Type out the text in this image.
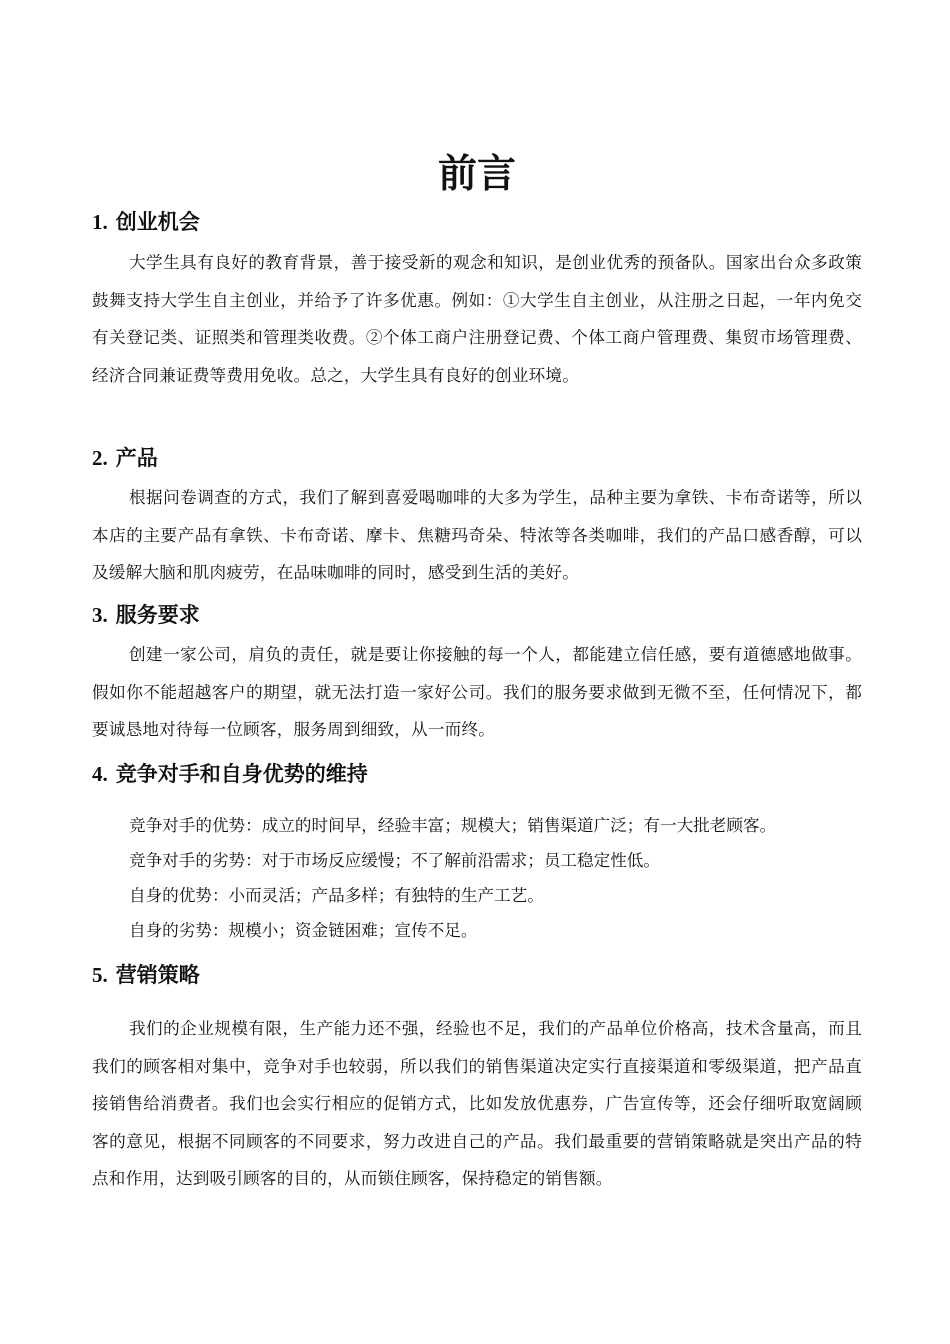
前言
1. 创业机会

大学生具有良好的教育背景，善于接受新的观念和知识，是创业优秀的预备队。国家出台众多政策鼓舞支持大学生自主创业，并给予了许多优惠。例如：①大学生自主创业，从注册之日起，一年内免交有关登记类、证照类和管理类收费。②个体工商户注册登记费、个体工商户管理费、集贸市场管理费、经济合同兼证费等费用免收。总之，大学生具有良好的创业环境。

2. 产品

根据问卷调查的方式，我们了解到喜爱喝咖啡的大多为学生，品种主要为拿铁、卡布奇诺等，所以本店的主要产品有拿铁、卡布奇诺、摩卡、焦糖玛奇朵、特浓等各类咖啡，我们的产品口感香醇，可以及缓解大脑和肌肉疲劳，在品味咖啡的同时，感受到生活的美好。

3. 服务要求

创建一家公司，肩负的责任，就是要让你接触的每一个人，都能建立信任感，要有道德感地做事。假如你不能超越客户的期望，就无法打造一家好公司。我们的服务要求做到无微不至，任何情况下，都要诚恳地对待每一位顾客，服务周到细致，从一而终。

4. 竞争对手和自身优势的维持

竞争对手的优势：成立的时间早，经验丰富；规模大；销售渠道广泛；有一大批老顾客。

竞争对手的劣势：对于市场反应缓慢；不了解前沿需求；员工稳定性低。

自身的优势：小而灵活；产品多样；有独特的生产工艺。

自身的劣势：规模小；资金链困难；宣传不足。

5. 营销策略

我们的企业规模有限，生产能力还不强，经验也不足，我们的产品单位价格高，技术含量高，而且我们的顾客相对集中，竞争对手也较弱，所以我们的销售渠道决定实行直接渠道和零级渠道，把产品直接销售给消费者。我们也会实行相应的促销方式，比如发放优惠券，广告宣传等，还会仔细听取宽阔顾客的意见，根据不同顾客的不同要求，努力改进自己的产品。我们最重要的营销策略就是突出产品的特点和作用，达到吸引顾客的目的，从而锁住顾客，保持稳定的销售额。
